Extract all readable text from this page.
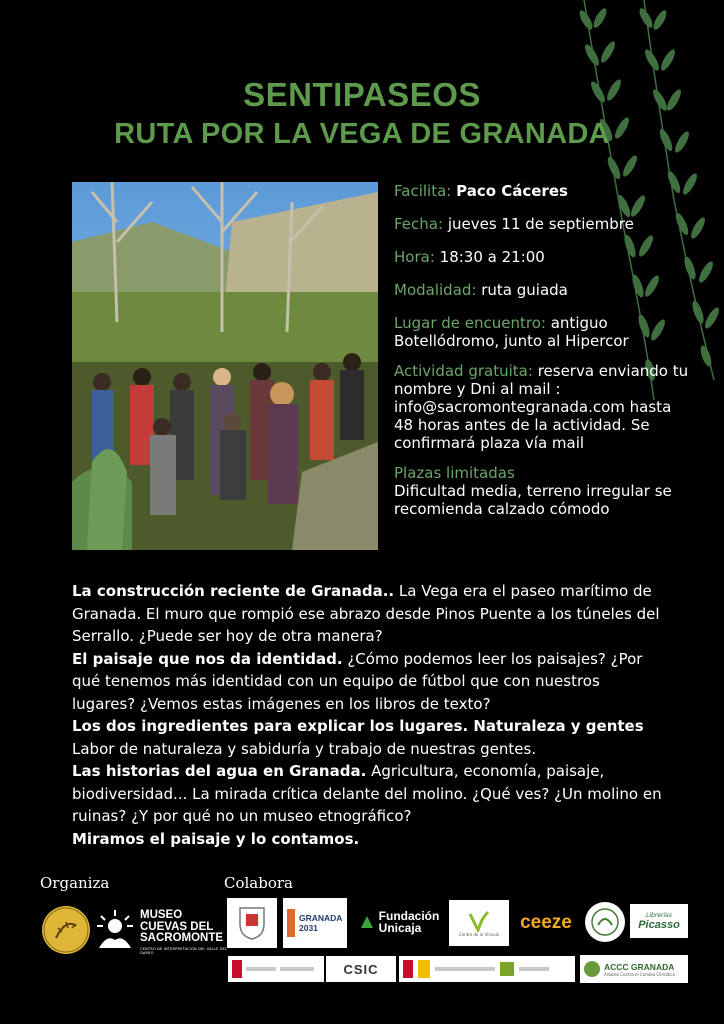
SENTIPASEOS
RUTA POR LA VEGA DE GRANADA
Facilita: Paco Cáceres
Fecha: jueves 11 de septiembre
Hora: 18:30 a 21:00
Modalidad: ruta guiada
Lugar de encuentro: antiguo Botellódromo, junto al Hipercor
Actividad gratuita: reserva enviando tu nombre y Dni al mail : info@sacromontegranada.com hasta 48 horas antes de la actividad. Se confirmará plaza vía mail
Plazas limitadas
Dificultad media, terreno irregular se recomienda calzado cómodo

La construcción reciente de Granada.. La Vega era el paseo marítimo de Granada. El muro que rompió ese abrazo desde Pinos Puente a los túneles del Serrallo. ¿Puede ser hoy de otra manera?

El paisaje que nos da identidad. ¿Cómo podemos leer los paisajes? ¿Por qué tenemos más identidad con un equipo de fútbol que con nuestros lugares? ¿Vemos estas imágenes en los libros de texto?

Los dos ingredientes para explicar los lugares. Naturaleza y gentes
Labor de naturaleza y sabiduría y trabajo de nuestras gentes.

Las historias del agua en Granada. Agricultura, economía, paisaje, biodiversidad... La mirada crítica delante del molino. ¿Qué ves? ¿Un molino en ruinas? ¿Y por qué no un museo etnográfico?

Miramos el paisaje y lo contamos.

Organiza	Colabora
MUSEO CUEVAS DEL SACROMONTE
CENTRO DE INTERPRETACIÓN DEL VALLE DEL DARRO
GRANADA 2031
Fundación
Unicaja	Centro de la Vinculo
ceeze	Librerías
Picasso
CSIC	ACCC GRANADA
Árboles Contra el Cambio Climático
